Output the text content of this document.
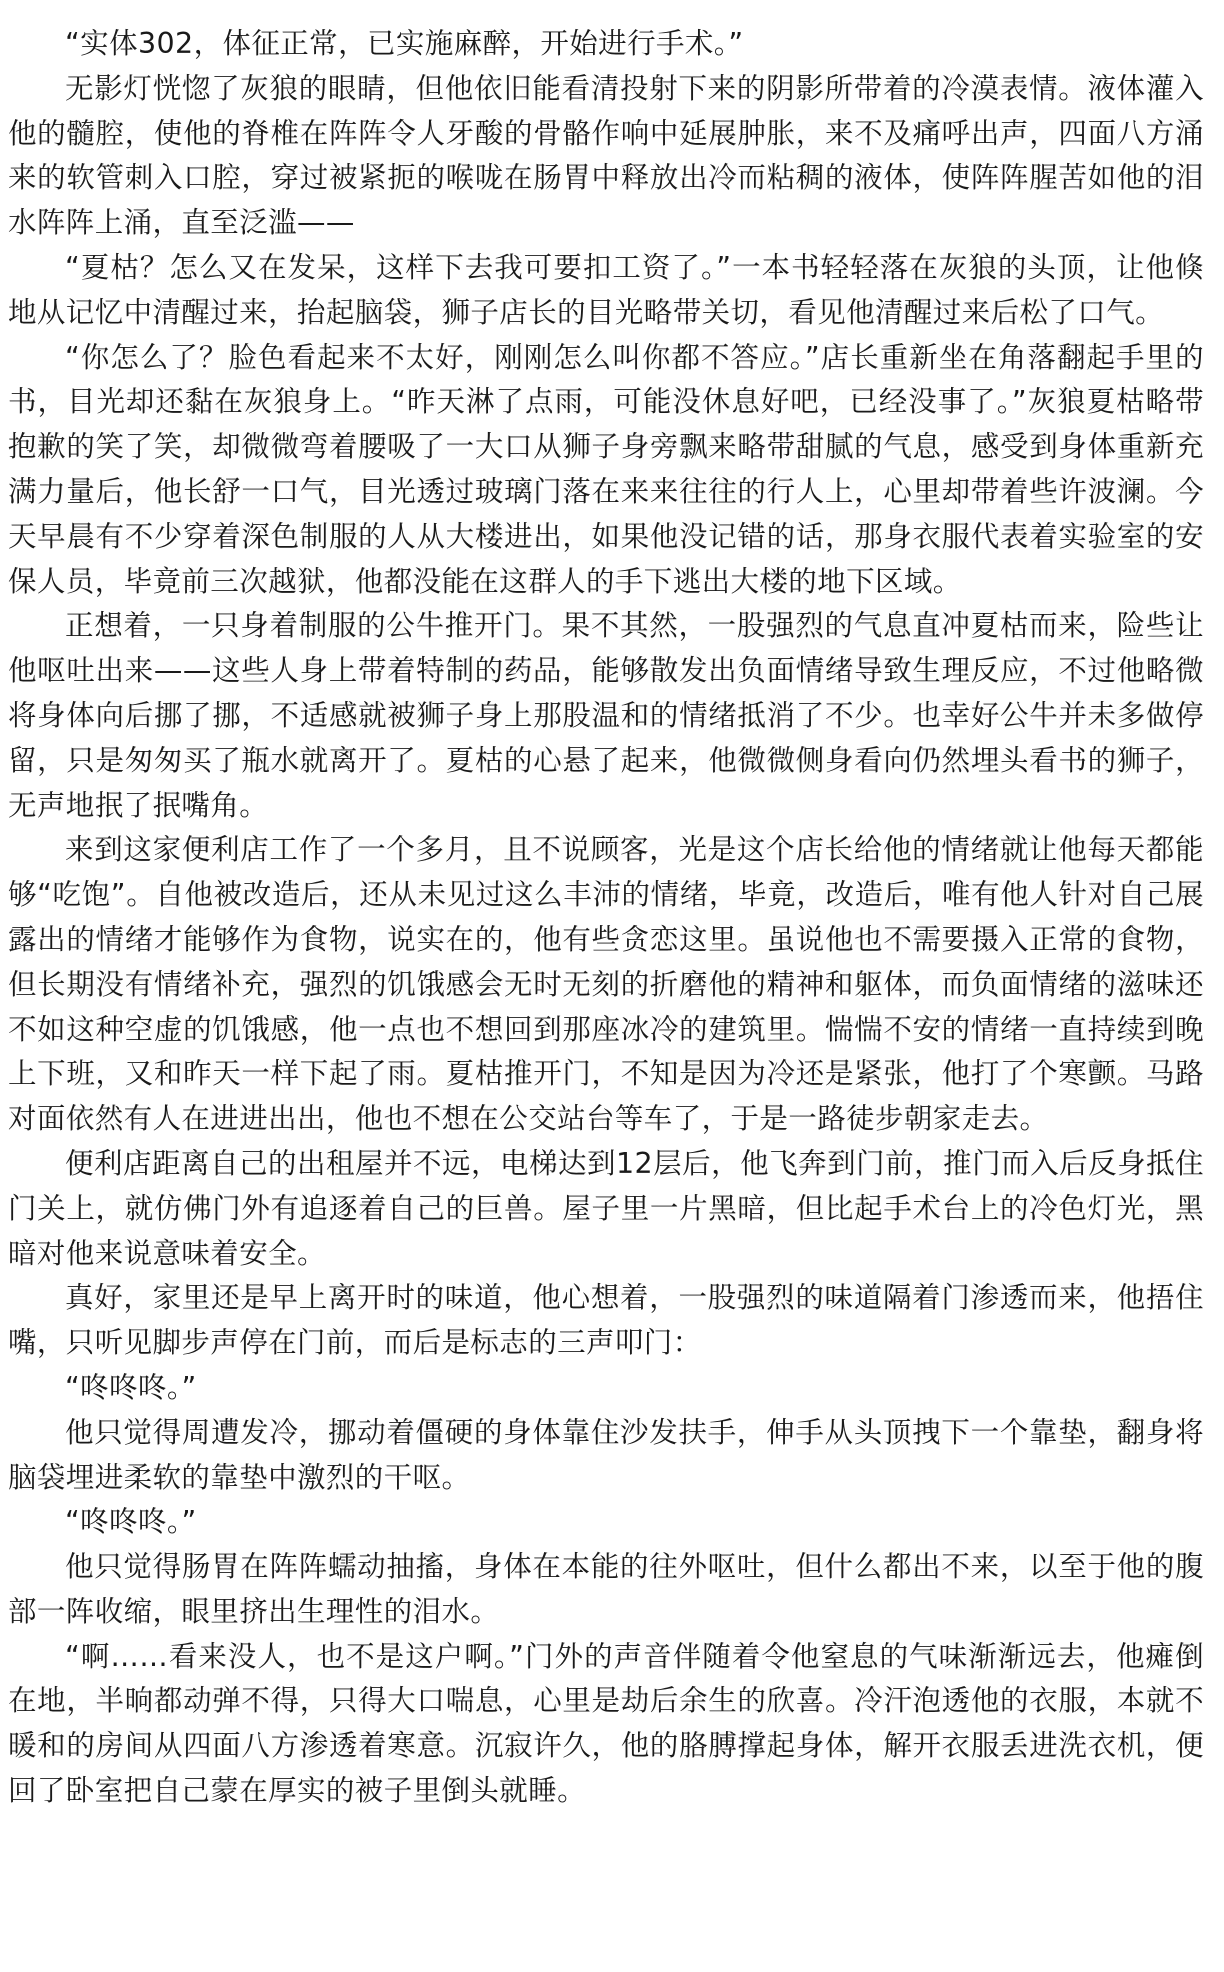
“实体302，体征正常，已实施麻醉，开始进行手术。”

无影灯恍惚了灰狼的眼睛，但他依旧能看清投射下来的阴影所带着的冷漠表情。液体灌入他的髓腔，使他的脊椎在阵阵令人牙酸的骨骼作响中延展肿胀，来不及痛呼出声，四面八方涌来的软管刺入口腔，穿过被紧扼的喉咙在肠胃中释放出冷而粘稠的液体，使阵阵腥苦如他的泪水阵阵上涌，直至泛滥——

“夏枯？怎么又在发呆，这样下去我可要扣工资了。”一本书轻轻落在灰狼的头顶，让他倏地从记忆中清醒过来，抬起脑袋，狮子店长的目光略带关切，看见他清醒过来后松了口气。

“你怎么了？脸色看起来不太好，刚刚怎么叫你都不答应。”店长重新坐在角落翻起手里的书，目光却还黏在灰狼身上。“昨天淋了点雨，可能没休息好吧，已经没事了。”灰狼夏枯略带抱歉的笑了笑，却微微弯着腰吸了一大口从狮子身旁飘来略带甜腻的气息，感受到身体重新充满力量后，他长舒一口气，目光透过玻璃门落在来来往往的行人上，心里却带着些许波澜。今天早晨有不少穿着深色制服的人从大楼进出，如果他没记错的话，那身衣服代表着实验室的安保人员，毕竟前三次越狱，他都没能在这群人的手下逃出大楼的地下区域。

正想着，一只身着制服的公牛推开门。果不其然，一股强烈的气息直冲夏枯而来，险些让他呕吐出来——这些人身上带着特制的药品，能够散发出负面情绪导致生理反应，不过他略微将身体向后挪了挪，不适感就被狮子身上那股温和的情绪抵消了不少。也幸好公牛并未多做停留，只是匆匆买了瓶水就离开了。夏枯的心悬了起来，他微微侧身看向仍然埋头看书的狮子，无声地抿了抿嘴角。

来到这家便利店工作了一个多月，且不说顾客，光是这个店长给他的情绪就让他每天都能够“吃饱”。自他被改造后，还从未见过这么丰沛的情绪，毕竟，改造后，唯有他人针对自己展露出的情绪才能够作为食物，说实在的，他有些贪恋这里。虽说他也不需要摄入正常的食物，但长期没有情绪补充，强烈的饥饿感会无时无刻的折磨他的精神和躯体，而负面情绪的滋味还不如这种空虚的饥饿感，他一点也不想回到那座冰冷的建筑里。惴惴不安的情绪一直持续到晚上下班，又和昨天一样下起了雨。夏枯推开门，不知是因为冷还是紧张，他打了个寒颤。马路对面依然有人在进进出出，他也不想在公交站台等车了，于是一路徒步朝家走去。

便利店距离自己的出租屋并不远，电梯达到12层后，他飞奔到门前，推门而入后反身抵住门关上，就仿佛门外有追逐着自己的巨兽。屋子里一片黑暗，但比起手术台上的冷色灯光，黑暗对他来说意味着安全。

真好，家里还是早上离开时的味道，他心想着，一股强烈的味道隔着门渗透而来，他捂住嘴，只听见脚步声停在门前，而后是标志的三声叩门：

“咚咚咚。”

他只觉得周遭发冷，挪动着僵硬的身体靠住沙发扶手，伸手从头顶拽下一个靠垫，翻身将脑袋埋进柔软的靠垫中激烈的干呕。

“咚咚咚。”

他只觉得肠胃在阵阵蠕动抽搐，身体在本能的往外呕吐，但什么都出不来，以至于他的腹部一阵收缩，眼里挤出生理性的泪水。

“啊……看来没人，也不是这户啊。”门外的声音伴随着令他窒息的气味渐渐远去，他瘫倒在地，半晌都动弹不得，只得大口喘息，心里是劫后余生的欣喜。冷汗泡透他的衣服，本就不暖和的房间从四面八方渗透着寒意。沉寂许久，他的胳膊撑起身体，解开衣服丢进洗衣机，便回了卧室把自己蒙在厚实的被子里倒头就睡。
